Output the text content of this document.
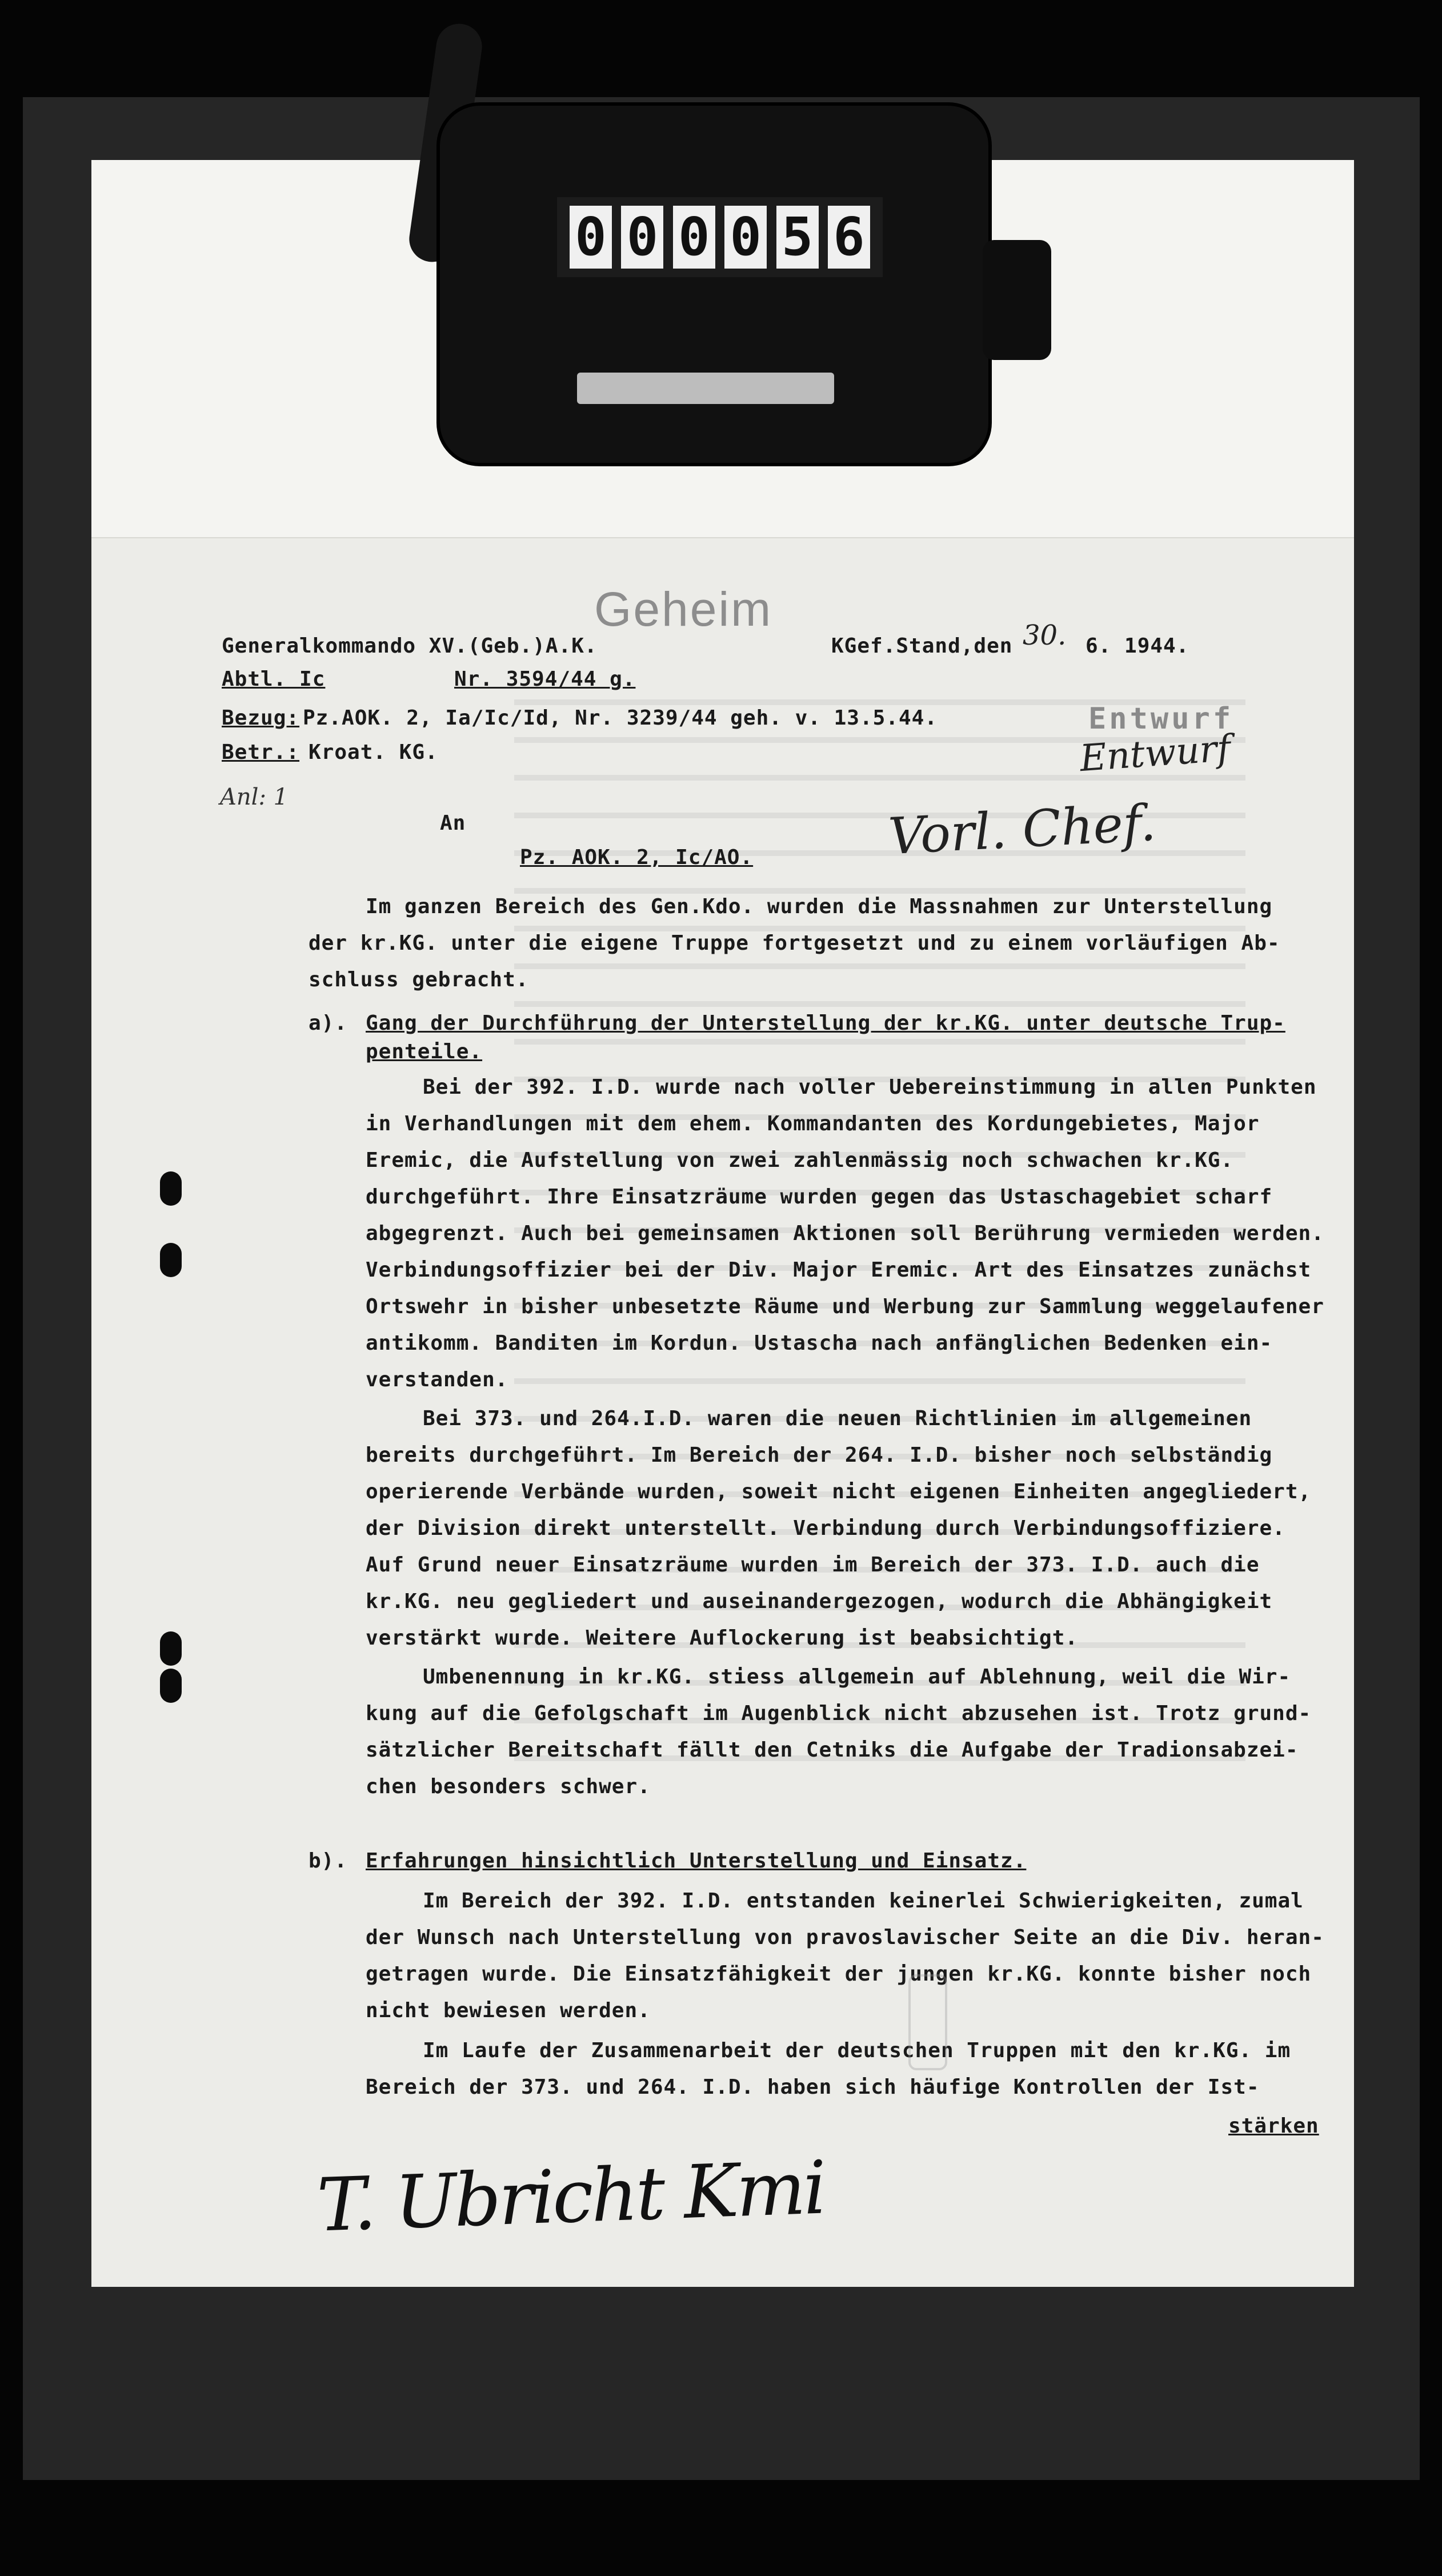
0 0 0 0 5 6
Geheim
Entwurf
Entwurf
Vorl. Chef.
30.
Anl: 1
Generalkommando XV.(Geb.)A.K.	KGef.Stand,den	6. 1944.
Abtl. Ic	Nr. 3594/44 g.
Bezug: Pz.AOK. 2, Ia/Ic/Id, Nr. 3239/44 geh. v. 13.5.44.
Betr.: Kroat. KG.
An
Pz. AOK. 2, Ic/AO.
Im ganzen Bereich des Gen.Kdo. wurden die Massnahmen zur Unterstellung
der kr.KG. unter die eigene Truppe fortgesetzt und zu einem vorläufigen Ab-
schluss gebracht.
a). Gang der Durchführung der Unterstellung der kr.KG. unter deutsche Trup-
penteile.
Bei der 392. I.D. wurde nach voller Uebereinstimmung in allen Punkten
in Verhandlungen mit dem ehem. Kommandanten des Kordungebietes, Major
Eremic, die Aufstellung von zwei zahlenmässig noch schwachen kr.KG.
durchgeführt. Ihre Einsatzräume wurden gegen das Ustaschagebiet scharf
abgegrenzt. Auch bei gemeinsamen Aktionen soll Berührung vermieden werden.
Verbindungsoffizier bei der Div. Major Eremic. Art des Einsatzes zunächst
Ortswehr in bisher unbesetzte Räume und Werbung zur Sammlung weggelaufener
antikomm. Banditen im Kordun. Ustascha nach anfänglichen Bedenken ein-
verstanden.
Bei 373. und 264.I.D. waren die neuen Richtlinien im allgemeinen
bereits durchgeführt. Im Bereich der 264. I.D. bisher noch selbständig
operierende Verbände wurden, soweit nicht eigenen Einheiten angegliedert,
der Division direkt unterstellt. Verbindung durch Verbindungsoffiziere.
Auf Grund neuer Einsatzräume wurden im Bereich der 373. I.D. auch die
kr.KG. neu gegliedert und auseinandergezogen, wodurch die Abhängigkeit
verstärkt wurde. Weitere Auflockerung ist beabsichtigt.
Umbenennung in kr.KG. stiess allgemein auf Ablehnung, weil die Wir-
kung auf die Gefolgschaft im Augenblick nicht abzusehen ist. Trotz grund-
sätzlicher Bereitschaft fällt den Cetniks die Aufgabe der Tradionsabzei-
chen besonders schwer.
b). Erfahrungen hinsichtlich Unterstellung und Einsatz.
Im Bereich der 392. I.D. entstanden keinerlei Schwierigkeiten, zumal
der Wunsch nach Unterstellung von pravoslavischer Seite an die Div. heran-
getragen wurde. Die Einsatzfähigkeit der jungen kr.KG. konnte bisher noch
nicht bewiesen werden.
Im Laufe der Zusammenarbeit der deutschen Truppen mit den kr.KG. im
Bereich der 373. und 264. I.D. haben sich häufige Kontrollen der Ist-
stärken
T. Ubricht Kmi
